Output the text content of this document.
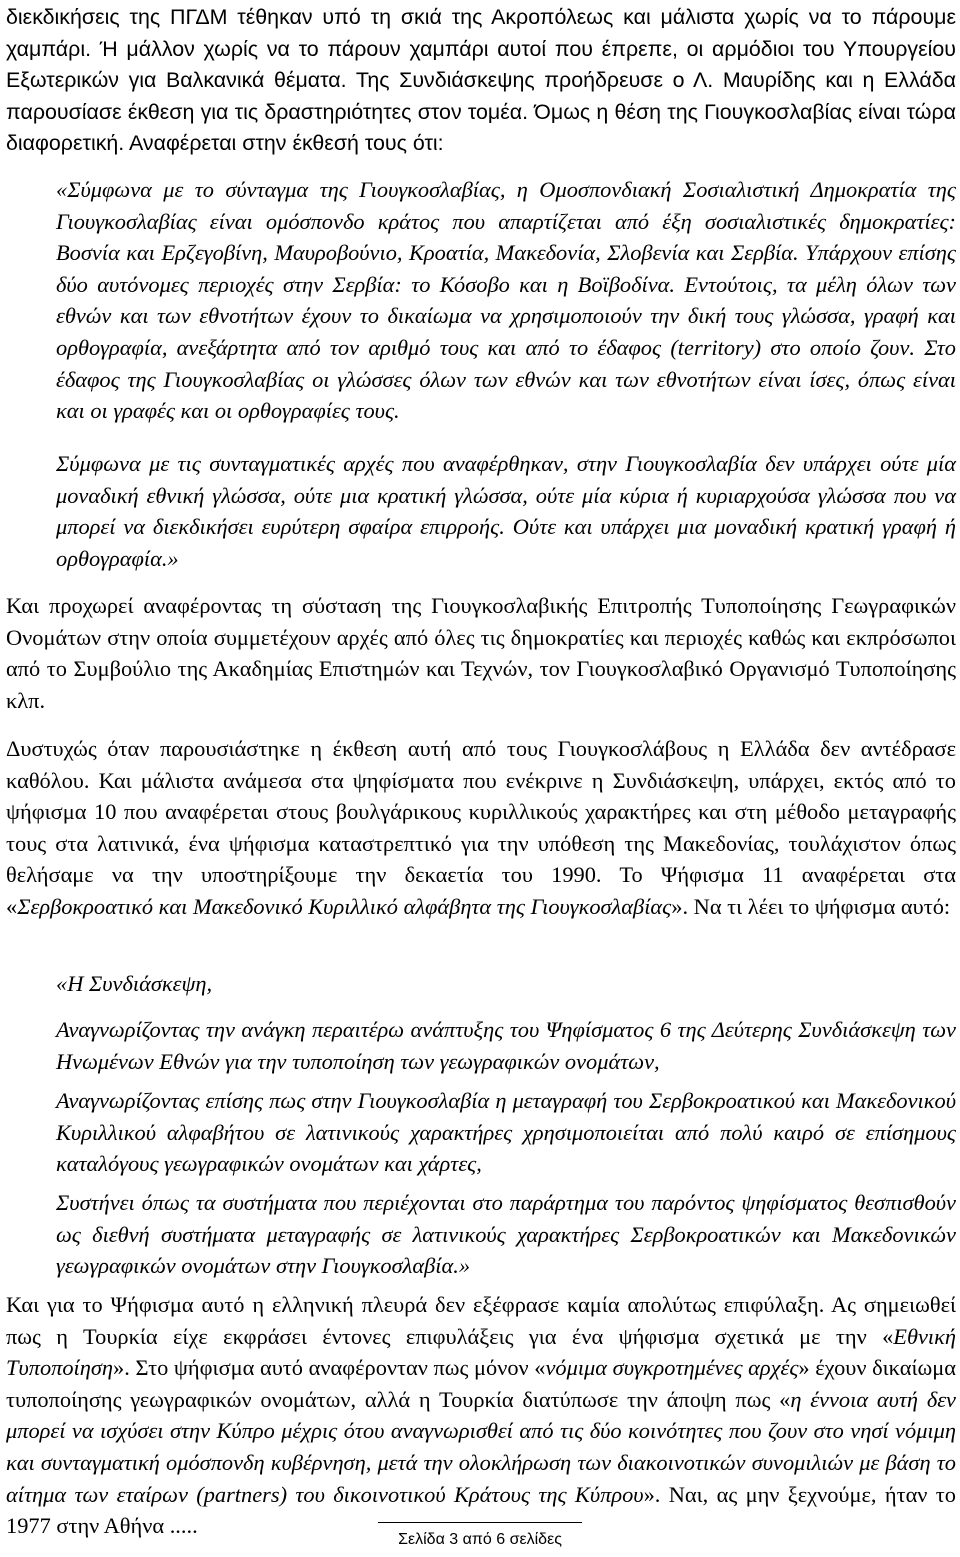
διεκδικήσεις της ΠΓΔΜ τέθηκαν υπό τη σκιά της Ακροπόλεως και μάλιστα χωρίς να το πάρουμε χαμπάρι. Ή μάλλον χωρίς να το πάρουν χαμπάρι αυτοί που έπρεπε, οι αρμόδιοι του Υπουργείου Εξωτερικών για Βαλκανικά θέματα. Της Συνδιάσκεψης προήδρευσε ο Λ. Μαυρίδης και η Ελλάδα παρουσίασε έκθεση για τις δραστηριότητες στον τομέα. Όμως η θέση της Γιουγκοσλαβίας είναι τώρα διαφορετική. Αναφέρεται στην έκθεσή τους ότι:

«Σύμφωνα με το σύνταγμα της Γιουγκοσλαβίας, η Ομοσπονδιακή Σοσιαλιστική Δημοκρατία της Γιουγκοσλαβίας είναι ομόσπονδο κράτος που απαρτίζεται από έξη σοσιαλιστικές δημοκρατίες: Βοσνία και Ερζεγοβίνη, Μαυροβούνιο, Κροατία, Μακεδονία, Σλοβενία και Σερβία. Υπάρχουν επίσης δύο αυτόνομες περιοχές στην Σερβία: το Κόσοβο και η Βοϊβοδίνα. Εντούτοις, τα μέλη όλων των εθνών και των εθνοτήτων έχουν το δικαίωμα να χρησιμοποιούν την δική τους γλώσσα, γραφή και ορθογραφία, ανεξάρτητα από τον αριθμό τους και από το έδαφος (territory) στο οποίο ζουν. Στο έδαφος της Γιουγκοσλαβίας οι γλώσσες όλων των εθνών και των εθνοτήτων είναι ίσες, όπως είναι και οι γραφές και οι ορθογραφίες τους.

Σύμφωνα με τις συνταγματικές αρχές που αναφέρθηκαν, στην Γιουγκοσλαβία δεν υπάρχει ούτε μία μοναδική εθνική γλώσσα, ούτε μια κρατική γλώσσα, ούτε μία κύρια ή κυριαρχούσα γλώσσα που να μπορεί να διεκδικήσει ευρύτερη σφαίρα επιρροής. Ούτε και υπάρχει μια μοναδική κρατική γραφή ή ορθογραφία.»

Και προχωρεί αναφέροντας τη σύσταση της Γιουγκοσλαβικής Επιτροπής Τυποποίησης Γεωγραφικών Ονομάτων στην οποία συμμετέχουν αρχές από όλες τις δημοκρατίες και περιοχές καθώς και εκπρόσωποι από το Συμβούλιο της Ακαδημίας Επιστημών και Τεχνών, τον Γιουγκοσλαβικό Οργανισμό Τυποποίησης κλπ.

Δυστυχώς όταν παρουσιάστηκε η έκθεση αυτή από τους Γιουγκοσλάβους η Ελλάδα δεν αντέδρασε καθόλου. Και μάλιστα ανάμεσα στα ψηφίσματα που ενέκρινε η Συνδιάσκεψη, υπάρχει, εκτός από το ψήφισμα 10 που αναφέρεται στους βουλγάρικους κυριλλικούς χαρακτήρες και στη μέθοδο μεταγραφής τους στα λατινικά, ένα ψήφισμα καταστρεπτικό για την υπόθεση της Μακεδονίας, τουλάχιστον όπως θελήσαμε να την υποστηρίξουμε την δεκαετία του 1990. Το Ψήφισμα 11 αναφέρεται στα «Σερβοκροατικό και Μακεδονικό Κυριλλικό αλφάβητα της Γιουγκοσλαβίας». Να τι λέει το ψήφισμα αυτό:

«Η Συνδιάσκεψη,

Αναγνωρίζοντας την ανάγκη περαιτέρω ανάπτυξης του Ψηφίσματος 6 της Δεύτερης Συνδιάσκεψη των Ηνωμένων Εθνών για την τυποποίηση των γεωγραφικών ονομάτων,

Αναγνωρίζοντας επίσης πως στην Γιουγκοσλαβία η μεταγραφή του Σερβοκροατικού και Μακεδονικού Κυριλλικού αλφαβήτου σε λατινικούς χαρακτήρες χρησιμοποιείται από πολύ καιρό σε επίσημους καταλόγους γεωγραφικών ονομάτων και χάρτες,

Συστήνει όπως τα συστήματα που περιέχονται στο παράρτημα του παρόντος ψηφίσματος θεσπισθούν ως διεθνή συστήματα μεταγραφής σε λατινικούς χαρακτήρες Σερβοκροατικών και Μακεδονικών γεωγραφικών ονομάτων στην Γιουγκοσλαβία.»

Και για το Ψήφισμα αυτό η ελληνική πλευρά δεν εξέφρασε καμία απολύτως επιφύλαξη. Ας σημειωθεί πως η Τουρκία είχε εκφράσει έντονες επιφυλάξεις για ένα ψήφισμα σχετικά με την «Εθνική Τυποποίηση». Στο ψήφισμα αυτό αναφέρονταν πως μόνον «νόμιμα συγκροτημένες αρχές» έχουν δικαίωμα τυποποίησης γεωγραφικών ονομάτων, αλλά η Τουρκία διατύπωσε την άποψη πως «η έννοια αυτή δεν μπορεί να ισχύσει στην Κύπρο μέχρις ότου αναγνωρισθεί από τις δύο κοινότητες που ζουν στο νησί νόμιμη και συνταγματική ομόσπονδη κυβέρνηση, μετά την ολοκλήρωση των διακοινοτικών συνομιλιών με βάση το αίτημα των εταίρων (partners) του δικοινοτικού Κράτους της Κύπρου». Ναι, ας μην ξεχνούμε, ήταν το 1977 στην Αθήνα .....

Σελίδα 3 από 6 σελίδες
